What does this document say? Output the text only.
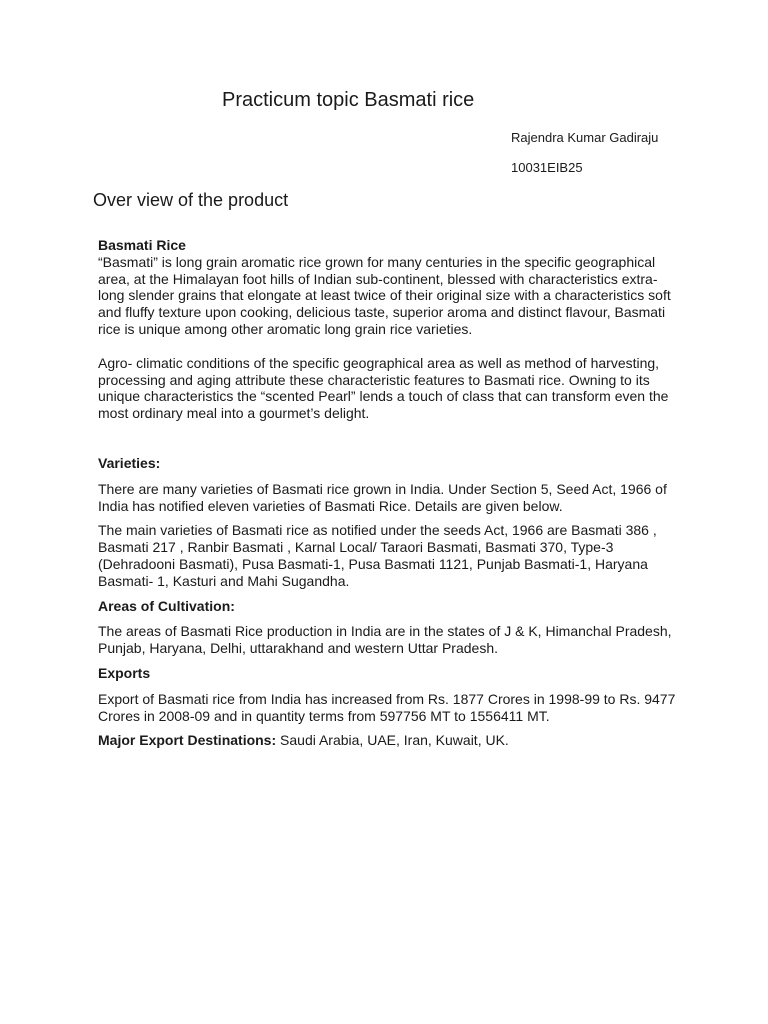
Practicum topic Basmati rice
Rajendra Kumar Gadiraju
10031EIB25
Over view of the product
Basmati Rice

“Basmati” is long grain aromatic rice grown for many centuries in the specific geographical area, at the Himalayan foot hills of Indian sub-continent, blessed with characteristics extra- long slender grains that elongate at least twice of their original size with a characteristics soft and fluffy texture upon cooking, delicious taste, superior aroma and distinct flavour, Basmati rice is unique among other aromatic long grain rice varieties.

Agro- climatic conditions of the specific geographical area as well as method of harvesting, processing and aging attribute these characteristic features to Basmati rice. Owning to its unique characteristics the “scented Pearl” lends a touch of class that can transform even the most ordinary meal into a gourmet’s delight.

Varieties:

There are many varieties of Basmati rice grown in India. Under Section 5, Seed Act, 1966 of India has notified eleven varieties of Basmati Rice. Details are given below.

The main varieties of Basmati rice as notified under the seeds Act, 1966 are Basmati 386 , Basmati 217 , Ranbir Basmati , Karnal Local/ Taraori Basmati, Basmati 370, Type-3 (Dehradooni Basmati), Pusa Basmati-1, Pusa Basmati 1121, Punjab Basmati-1, Haryana Basmati- 1, Kasturi and Mahi Sugandha.

Areas of Cultivation:

The areas of Basmati Rice production in India are in the states of J & K, Himanchal Pradesh, Punjab, Haryana, Delhi, uttarakhand and western Uttar Pradesh.

Exports

Export of Basmati rice from India has increased from Rs. 1877 Crores in 1998-99 to Rs. 9477 Crores in 2008-09 and in quantity terms from 597756 MT to 1556411 MT.

Major Export Destinations: Saudi Arabia, UAE, Iran, Kuwait, UK.
